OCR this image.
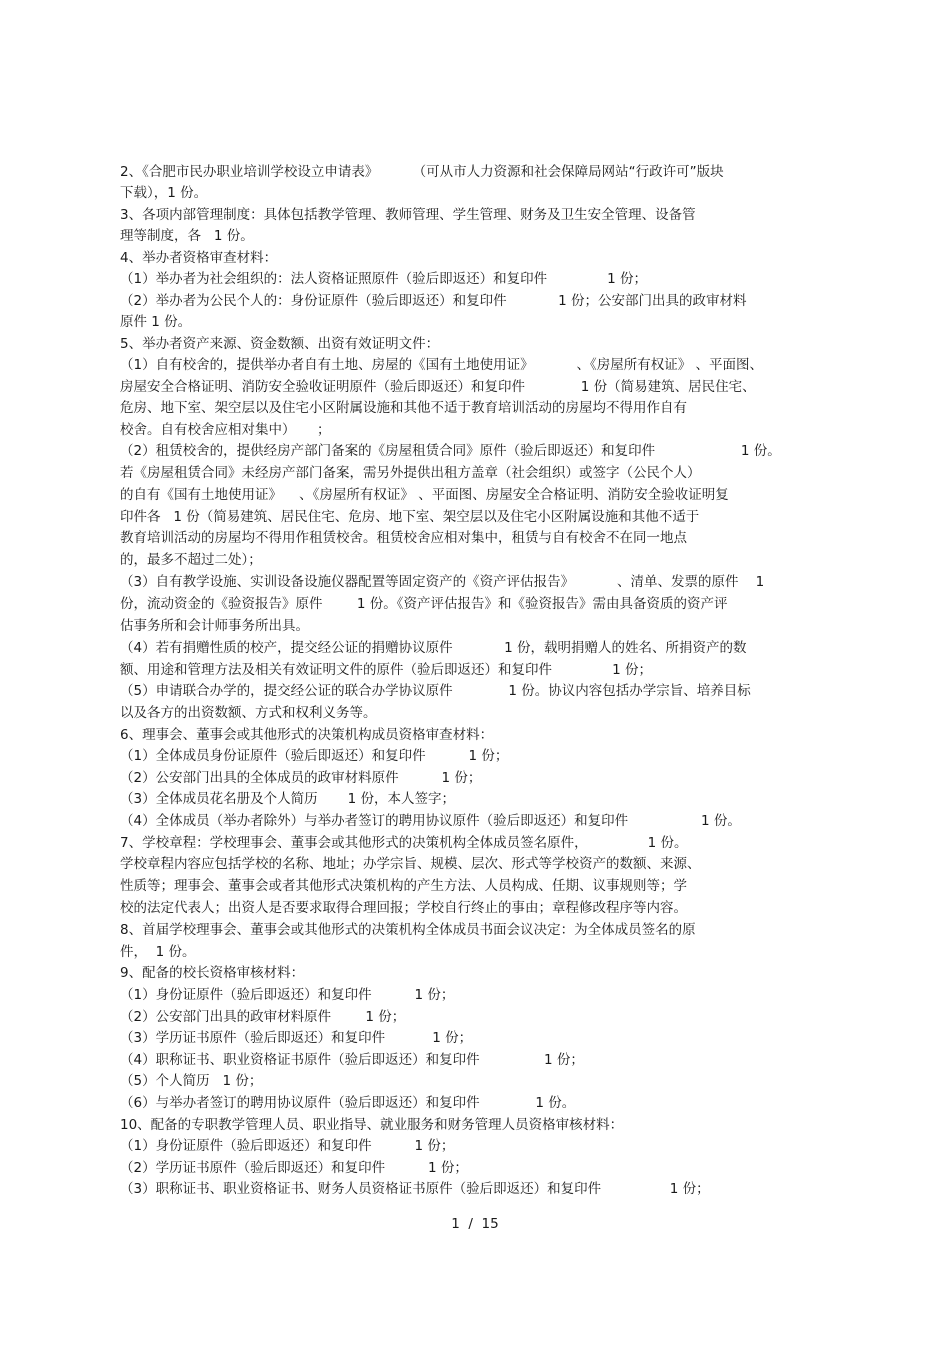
2、《合肥市民办职业培训学校设立申请表》        （可从市人力资源和社会保障局网站“行政许可”版块
下载），1 份。
3、各项内部管理制度：具体包括教学管理、教师管理、学生管理、财务及卫生安全管理、设备管
理等制度，各   1 份。
4、举办者资格审查材料：
（1）举办者为社会组织的：法人资格证照原件（验后即返还）和复印件              1 份；
（2）举办者为公民个人的：身份证原件（验后即返还）和复印件            1 份；公安部门出具的政审材料
原件 1 份。
5、举办者资产来源、资金数额、出资有效证明文件：
（1）自有校舍的，提供举办者自有土地、房屋的《国有土地使用证》          、《房屋所有权证》 、平面图、
房屋安全合格证明、消防安全验收证明原件（验后即返还）和复印件             1 份（简易建筑、居民住宅、
危房、地下室、架空层以及住宅小区附属设施和其他不适于教育培训活动的房屋均不得用作自有
校舍。自有校舍应相对集中）     ；
（2）租赁校舍的，提供经房产部门备案的《房屋租赁合同》原件（验后即返还）和复印件                    1 份。
若《房屋租赁合同》未经房产部门备案，需另外提供出租方盖章（社会组织）或签字（公民个人）
的自有《国有土地使用证》    、《房屋所有权证》 、平面图、房屋安全合格证明、消防安全验收证明复
印件各   1 份（简易建筑、居民住宅、危房、地下室、架空层以及住宅小区附属设施和其他不适于
教育培训活动的房屋均不得用作租赁校舍。租赁校舍应相对集中，租赁与自有校舍不在同一地点
的，最多不超过二处）；
（3）自有教学设施、实训设备设施仪器配置等固定资产的《资产评估报告》          、清单、发票的原件    1
份，流动资金的《验资报告》原件        1 份。《资产评估报告》和《验资报告》需由具备资质的资产评
估事务所和会计师事务所出具。
（4）若有捐赠性质的校产，提交经公证的捐赠协议原件            1 份，载明捐赠人的姓名、所捐资产的数
额、用途和管理方法及相关有效证明文件的原件（验后即返还）和复印件              1 份；
（5）申请联合办学的，提交经公证的联合办学协议原件             1 份。协议内容包括办学宗旨、培养目标
以及各方的出资数额、方式和权利义务等。
6、理事会、董事会或其他形式的决策机构成员资格审查材料：
（1）全体成员身份证原件（验后即返还）和复印件          1 份；
（2）公安部门出具的全体成员的政审材料原件          1 份；
（3）全体成员花名册及个人简历       1 份，本人签字；
（4）全体成员（举办者除外）与举办者签订的聘用协议原件（验后即返还）和复印件                 1 份。
7、学校章程：学校理事会、董事会或其他形式的决策机构全体成员签名原件，              1 份。
学校章程内容应包括学校的名称、地址；办学宗旨、规模、层次、形式等学校资产的数额、来源、
性质等；理事会、董事会或者其他形式决策机构的产生方法、人员构成、任期、议事规则等；学
校的法定代表人；出资人是否要求取得合理回报；学校自行终止的事由；章程修改程序等内容。
8、首届学校理事会、董事会或其他形式的决策机构全体成员书面会议决定：为全体成员签名的原
件，  1 份。
9、配备的校长资格审核材料：
（1）身份证原件（验后即返还）和复印件          1 份；
（2）公安部门出具的政审材料原件        1 份；
（3）学历证书原件（验后即返还）和复印件           1 份；
（4）职称证书、职业资格证书原件（验后即返还）和复印件               1 份；
（5）个人简历   1 份；
（6）与举办者签订的聘用协议原件（验后即返还）和复印件             1 份。
10、配备的专职教学管理人员、职业指导、就业服务和财务管理人员资格审核材料：
（1）身份证原件（验后即返还）和复印件          1 份；
（2）学历证书原件（验后即返还）和复印件          1 份；
（3）职称证书、职业资格证书、财务人员资格证书原件（验后即返还）和复印件                1 份；
1  /  15
